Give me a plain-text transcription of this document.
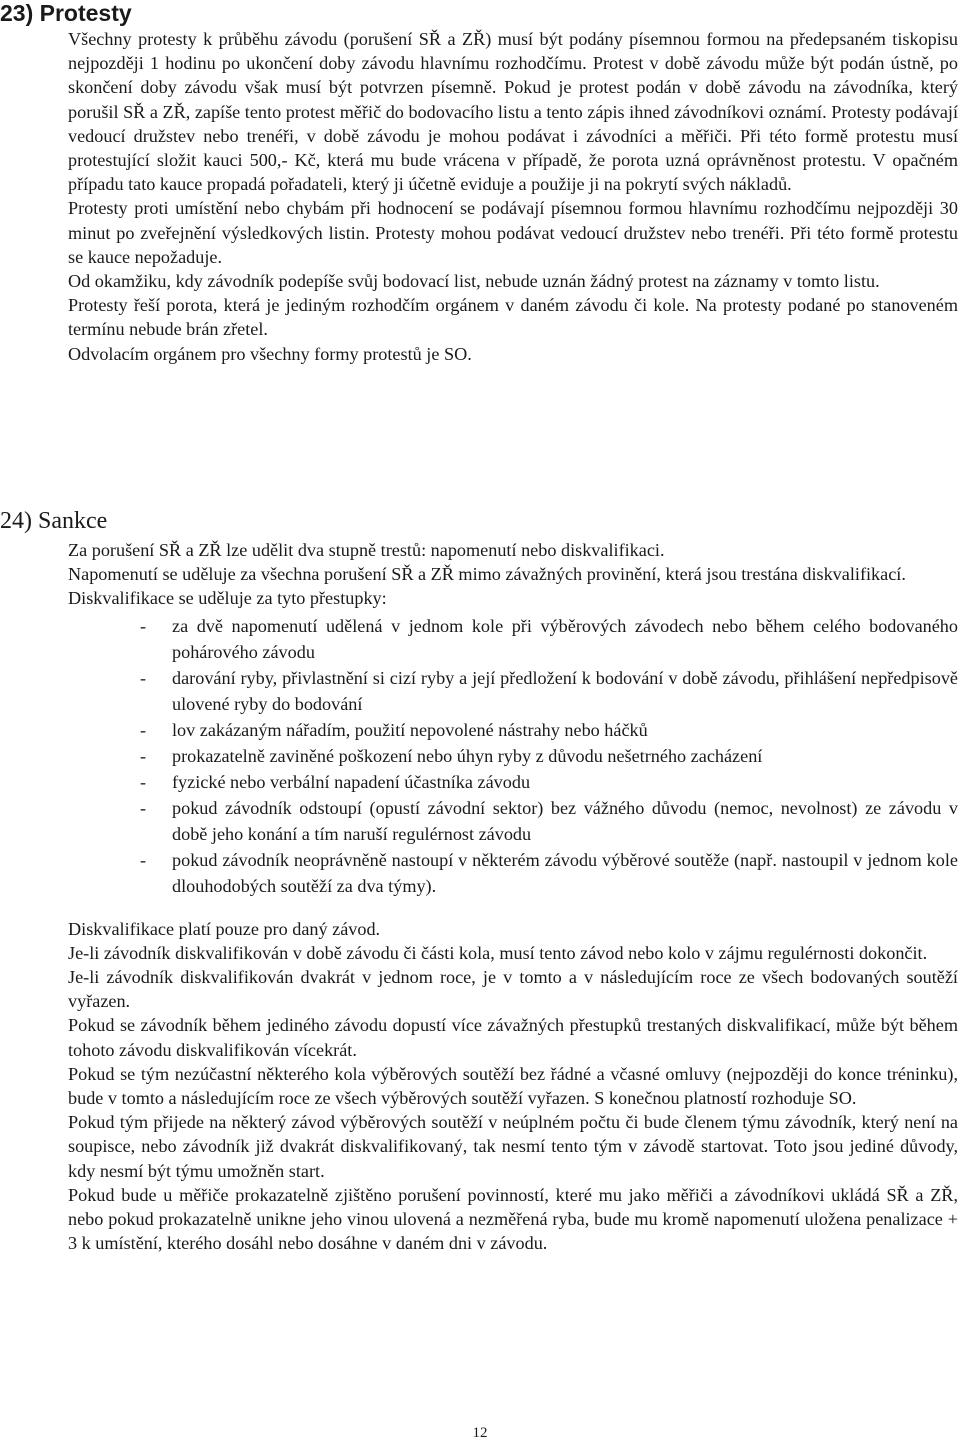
23) Protesty

Všechny protesty k průběhu závodu (porušení SŘ a ZŘ) musí být podány písemnou formou na předepsaném tiskopisu nejpozději 1 hodinu po ukončení doby závodu hlavnímu rozhodčímu. Protest v době závodu může být podán ústně, po skončení doby závodu však musí být potvrzen písemně. Pokud je protest podán v době závodu na závodníka, který porušil SŘ a ZŘ, zapíše tento protest měřič do bodovacího listu a tento zápis ihned závodníkovi oznámí. Protesty podávají vedoucí družstev nebo trenéři, v době závodu je mohou podávat i závodníci a měřiči. Při této formě protestu musí protestující složit kauci 500,- Kč, která mu bude vrácena v případě, že porota uzná oprávněnost protestu. V opačném případu tato kauce propadá pořadateli, který ji účetně eviduje a použije ji na pokrytí svých nákladů.

Protesty proti umístění nebo chybám při hodnocení se podávají písemnou formou hlavnímu rozhodčímu nejpozději 30 minut po zveřejnění výsledkových listin. Protesty mohou podávat vedoucí družstev nebo trenéři. Při této formě protestu se kauce nepožaduje.

Od okamžiku, kdy závodník podepíše svůj bodovací list, nebude uznán žádný protest na záznamy v tomto listu.

Protesty řeší porota, která je jediným rozhodčím orgánem v daném závodu či kole. Na protesty podané po stanoveném termínu nebude brán zřetel.

Odvolacím orgánem pro všechny formy protestů je SO.

24) Sankce

Za porušení SŘ a ZŘ lze udělit dva stupně trestů: napomenutí nebo diskvalifikaci.

Napomenutí se uděluje za všechna porušení SŘ a ZŘ mimo závažných provinění, která jsou trestána diskvalifikací.

Diskvalifikace se uděluje za tyto přestupky:

- za dvě napomenutí udělená v jednom kole při výběrových závodech nebo během celého bodovaného pohárového závodu
- darování ryby, přivlastnění si cizí ryby a její předložení k bodování v době závodu, přihlášení nepředpisově ulovené ryby do bodování
- lov zakázaným nářadím, použití nepovolené nástrahy nebo háčků
- prokazatelně zaviněné poškození nebo úhyn ryby z důvodu nešetrného zacházení
- fyzické nebo verbální napadení účastníka závodu
- pokud závodník odstoupí (opustí závodní sektor) bez vážného důvodu (nemoc, nevolnost) ze závodu v době jeho konání a tím naruší regulérnost závodu
- pokud závodník neoprávněně nastoupí v některém závodu výběrové soutěže (např. nastoupil v jednom kole dlouhodobých soutěží za dva týmy).

Diskvalifikace platí pouze pro daný závod.

Je-li závodník diskvalifikován v době závodu či části kola, musí tento závod nebo kolo v zájmu regulérnosti dokončit.

Je-li závodník diskvalifikován dvakrát v jednom roce, je v tomto a v následujícím roce ze všech bodovaných soutěží vyřazen.

Pokud se závodník během jediného závodu dopustí více závažných přestupků trestaných diskvalifikací, může být během tohoto závodu diskvalifikován vícekrát.

Pokud se tým nezúčastní některého kola výběrových soutěží bez řádné a včasné omluvy (nejpozději do konce tréninku), bude v tomto a následujícím roce ze všech výběrových soutěží vyřazen. S konečnou platností rozhoduje SO.

Pokud tým přijede na některý závod výběrových soutěží v neúplném počtu či bude členem týmu závodník, který není na soupisce, nebo závodník již dvakrát diskvalifikovaný, tak nesmí tento tým v závodě startovat. Toto jsou jediné důvody, kdy nesmí být týmu umožněn start.

Pokud bude u měřiče prokazatelně zjištěno porušení povinností, které mu jako měřiči a závodníkovi ukládá SŘ a ZŘ, nebo pokud prokazatelně unikne jeho vinou ulovená a nezměřená ryba, bude mu kromě napomenutí uložena penalizace + 3 k umístění, kterého dosáhl nebo dosáhne v daném dni v závodu.

12
